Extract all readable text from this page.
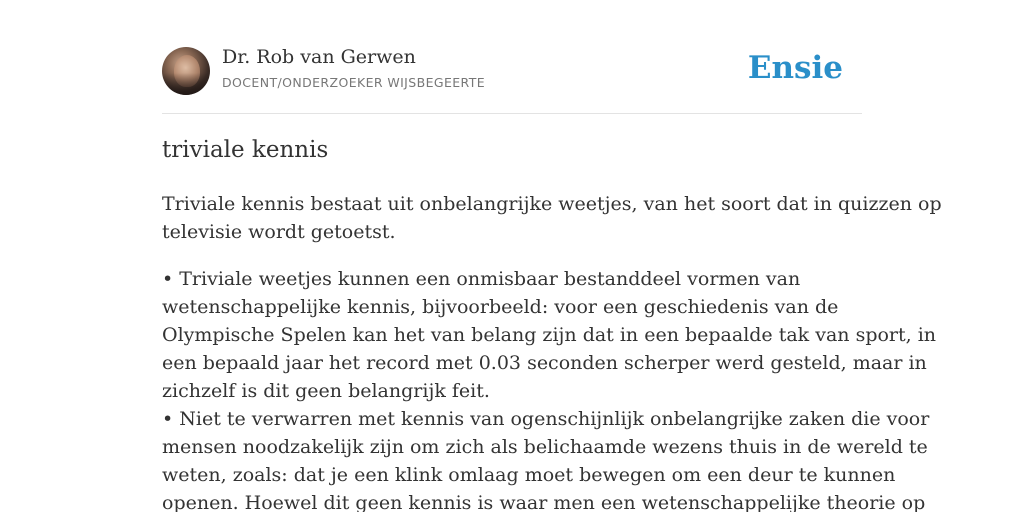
Dr. Rob van Gerwen
DOCENT/ONDERZOEKER WIJSBEGEERTE	Ensie
triviale kennis

Triviale kennis bestaat uit onbelangrijke weetjes, van het soort dat in quizzen op
televisie wordt getoetst.

• Triviale weetjes kunnen een onmisbaar bestanddeel vormen van
wetenschappelijke kennis, bijvoorbeeld: voor een geschiedenis van de
Olympische Spelen kan het van belang zijn dat in een bepaalde tak van sport, in
een bepaald jaar het record met 0.03 seconden scherper werd gesteld, maar in
zichzelf is dit geen belangrijk feit.
• Niet te verwarren met kennis van ogenschijnlijk onbelangrijke zaken die voor
mensen noodzakelijk zijn om zich als belichaamde wezens thuis in de wereld te
weten, zoals: dat je een klink omlaag moet bewegen om een deur te kunnen
openen. Hoewel dit geen kennis is waar men een wetenschappelijke theorie op
